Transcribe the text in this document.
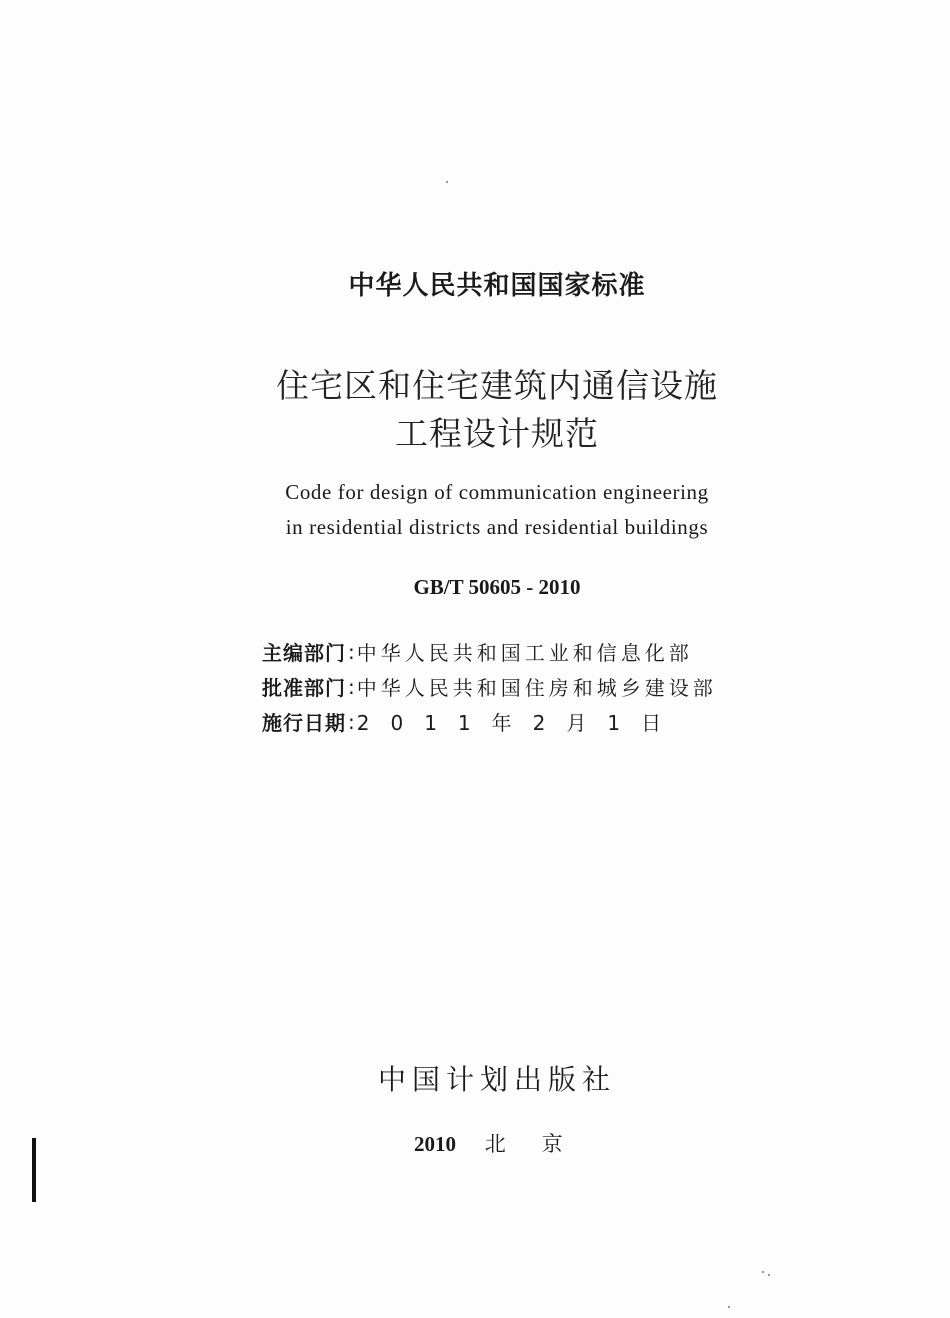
中华人民共和国国家标准
住宅区和住宅建筑内通信设施
工程设计规范
Code for design of communication engineering
in residential districts and residential buildings
GB/T 50605 - 2010
主编部门 : 中华人民共和国工业和信息化部
批准部门 : 中华人民共和国住房和城乡建设部
施行日期 : 2011年2月1日
中国计划出版社
2010 北京
